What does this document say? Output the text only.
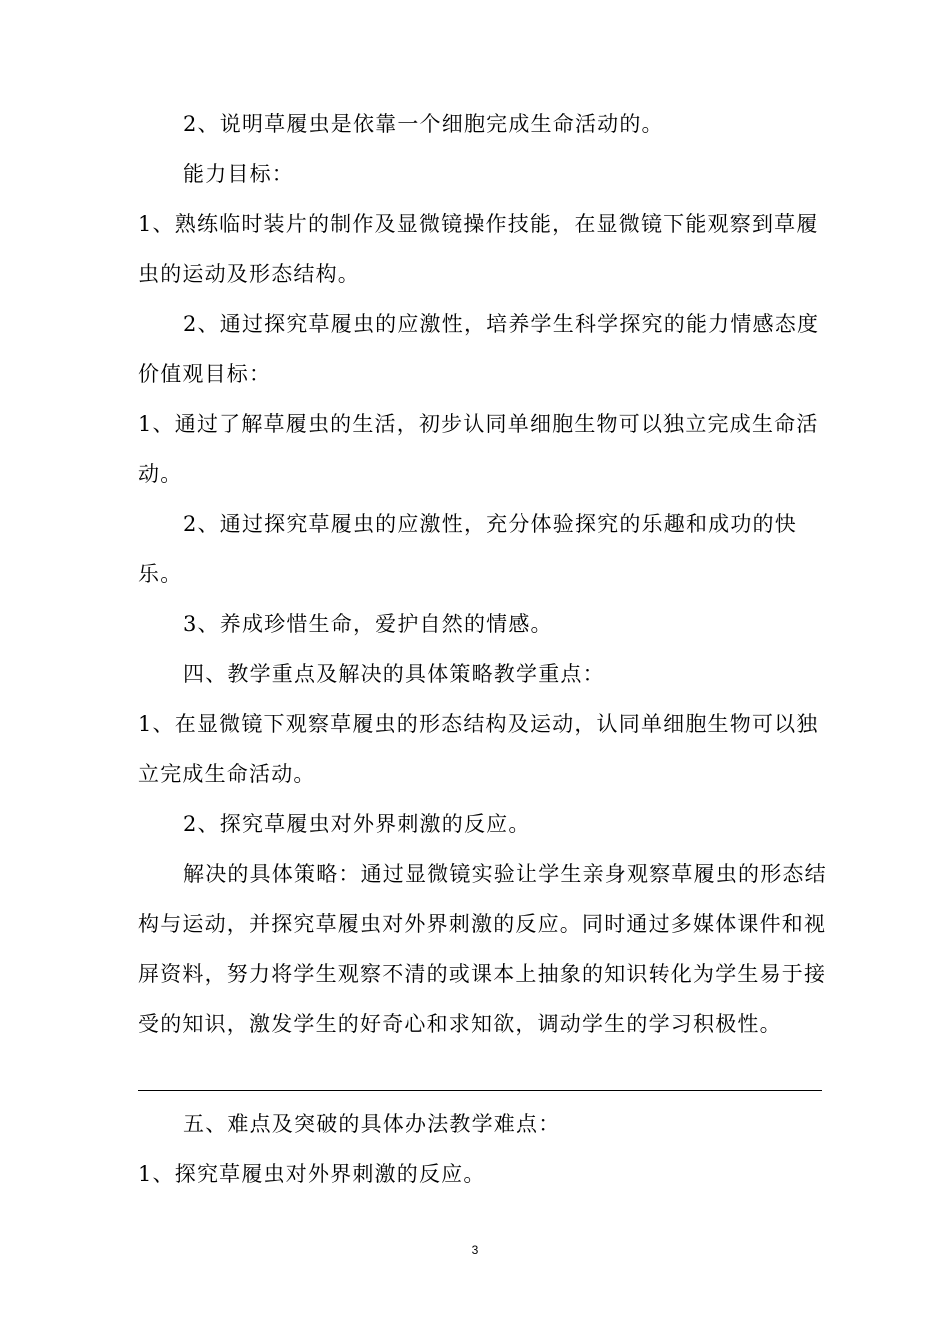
2、说明草履虫是依靠一个细胞完成生命活动的。

能力目标：

1、熟练临时装片的制作及显微镜操作技能，在显微镜下能观察到草履虫的运动及形态结构。

2、通过探究草履虫的应激性，培养学生科学探究的能力情感态度价值观目标：

1、通过了解草履虫的生活，初步认同单细胞生物可以独立完成生命活动。

2、通过探究草履虫的应激性，充分体验探究的乐趣和成功的快乐。

3、养成珍惜生命，爱护自然的情感。

四、教学重点及解决的具体策略教学重点：

1、在显微镜下观察草履虫的形态结构及运动，认同单细胞生物可以独立完成生命活动。

2、探究草履虫对外界刺激的反应。

解决的具体策略：通过显微镜实验让学生亲身观察草履虫的形态结构与运动，并探究草履虫对外界刺激的反应。同时通过多媒体课件和视屏资料，努力将学生观察不清的或课本上抽象的知识转化为学生易于接受的知识，激发学生的好奇心和求知欲，调动学生的学习积极性。

五、难点及突破的具体办法教学难点：

1、探究草履虫对外界刺激的反应。

3
